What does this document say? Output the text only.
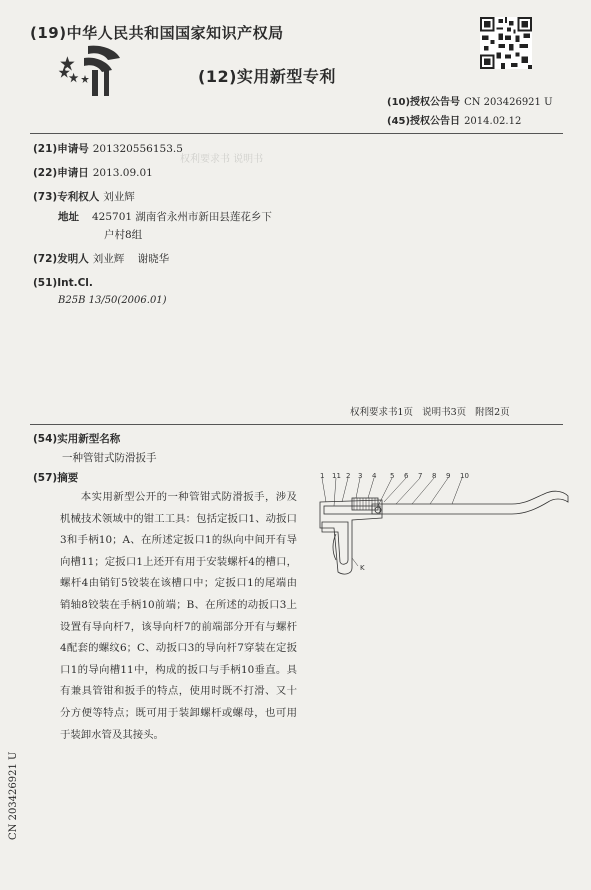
(19)中华人民共和国国家知识产权局
(12)实用新型专利
(10)授权公告号 CN 203426921 U
(45)授权公告日 2014.02.12
权利要求书 说明书
(21)申请号 201320556153.5
(22)申请日 2013.09.01
(73)专利权人 刘业辉
地址 425701 湖南省永州市新田县莲花乡下
户村8组
(72)发明人 刘业辉    谢晓华
(51)Int.Cl.
B25B 13/50(2006.01)
权利要求书1页 说明书3页 附图2页
(54)实用新型名称
一种管钳式防滑扳手
(57)摘要

本实用新型公开的一种管钳式防滑扳手，涉及机械技术领域中的钳工工具：包括定扳口1、动扳口3和手柄10；A、在所述定扳口1的纵向中间开有导向槽11；定扳口1上还开有用于安装螺杆4的槽口，螺杆4由销钉5铰装在该槽口中；定扳口1的尾端由销轴8铰装在手柄10前端；B、在所述的动扳口3上设置有导向杆7，该导向杆7的前端部分开有与螺杆4配套的螺纹6；C、动扳口3的导向杆7穿装在定扳口1的导向槽11中，构成的扳口与手柄10垂直。具有兼具管钳和扳手的特点，使用时既不打滑、又十分方便等特点；既可用于装卸螺杆或螺母，也可用于装卸水管及其接头。

1 11 2 3 4 5 6 7 8 9 10
K
CN 203426921 U
